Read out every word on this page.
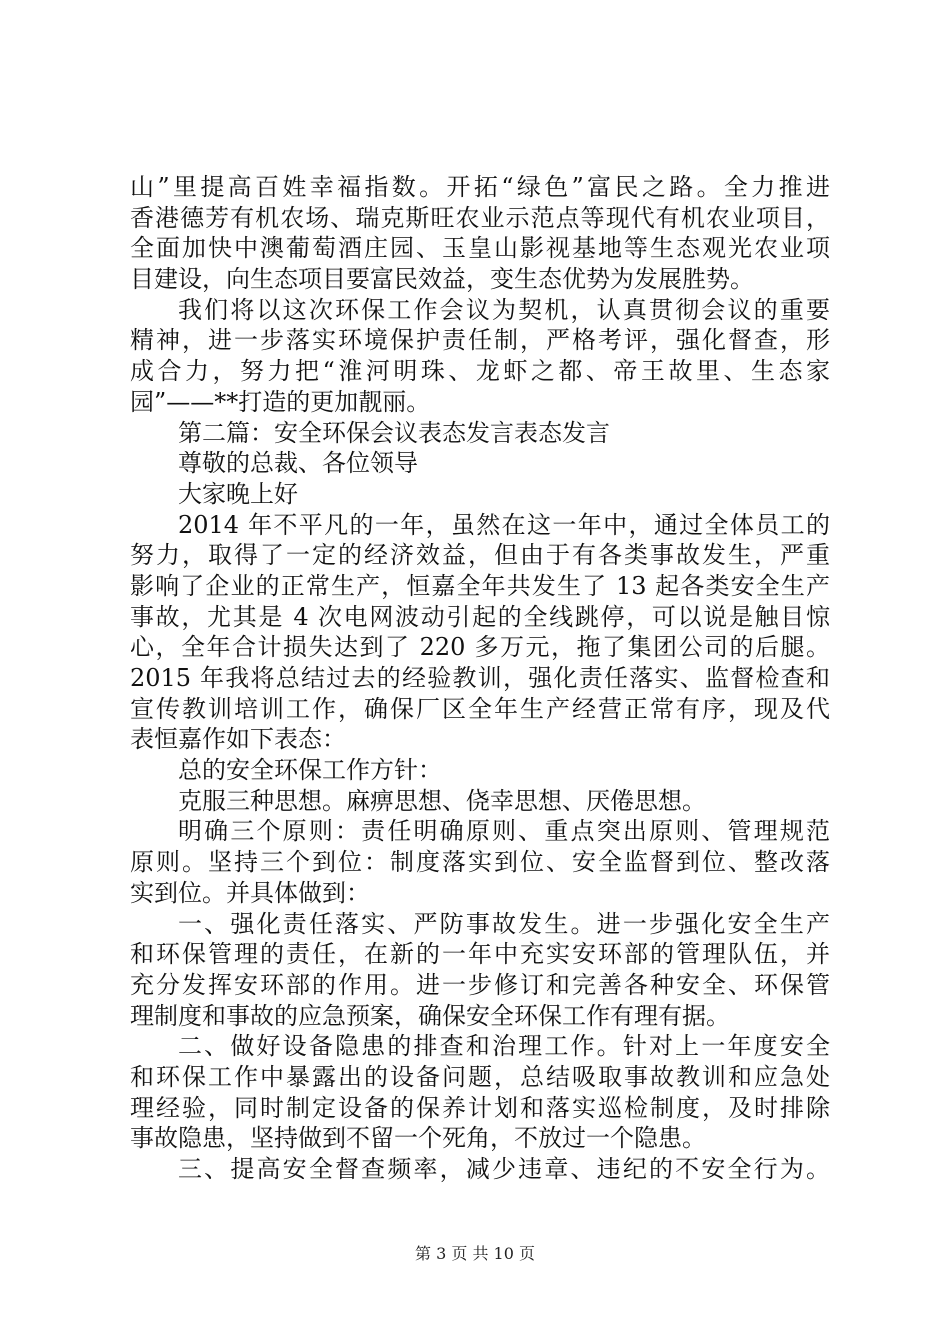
山”里提高百姓幸福指数。开拓“绿色”富民之路。全力推进
香港德芳有机农场、瑞克斯旺农业示范点等现代有机农业项目，
全面加快中澳葡萄酒庄园、玉皇山影视基地等生态观光农业项
目建设，向生态项目要富民效益，变生态优势为发展胜势。
我们将以这次环保工作会议为契机，认真贯彻会议的重要
精神，进一步落实环境保护责任制，严格考评，强化督查，形
成合力，努力把“淮河明珠、龙虾之都、帝王故里、生态家
园”——**打造的更加靓丽。
第二篇：安全环保会议表态发言表态发言
尊敬的总裁、各位领导
大家晚上好
2014 年不平凡的一年，虽然在这一年中，通过全体员工的
努力，取得了一定的经济效益，但由于有各类事故发生，严重
影响了企业的正常生产，恒嘉全年共发生了 13 起各类安全生产
事故，尤其是 4 次电网波动引起的全线跳停，可以说是触目惊
心，全年合计损失达到了 220 多万元，拖了集团公司的后腿。
2015 年我将总结过去的经验教训，强化责任落实、监督检查和
宣传教训培训工作，确保厂区全年生产经营正常有序，现及代
表恒嘉作如下表态：
总的安全环保工作方针：
克服三种思想。麻痹思想、侥幸思想、厌倦思想。
明确三个原则：责任明确原则、重点突出原则、管理规范
原则。坚持三个到位：制度落实到位、安全监督到位、整改落
实到位。并具体做到：
一、强化责任落实、严防事故发生。进一步强化安全生产
和环保管理的责任，在新的一年中充实安环部的管理队伍，并
充分发挥安环部的作用。进一步修订和完善各种安全、环保管
理制度和事故的应急预案，确保安全环保工作有理有据。
二、做好设备隐患的排查和治理工作。针对上一年度安全
和环保工作中暴露出的设备问题，总结吸取事故教训和应急处
理经验，同时制定设备的保养计划和落实巡检制度，及时排除
事故隐患，坚持做到不留一个死角，不放过一个隐患。
三、提高安全督查频率，减少违章、违纪的不安全行为。
第 3 页 共 10 页
